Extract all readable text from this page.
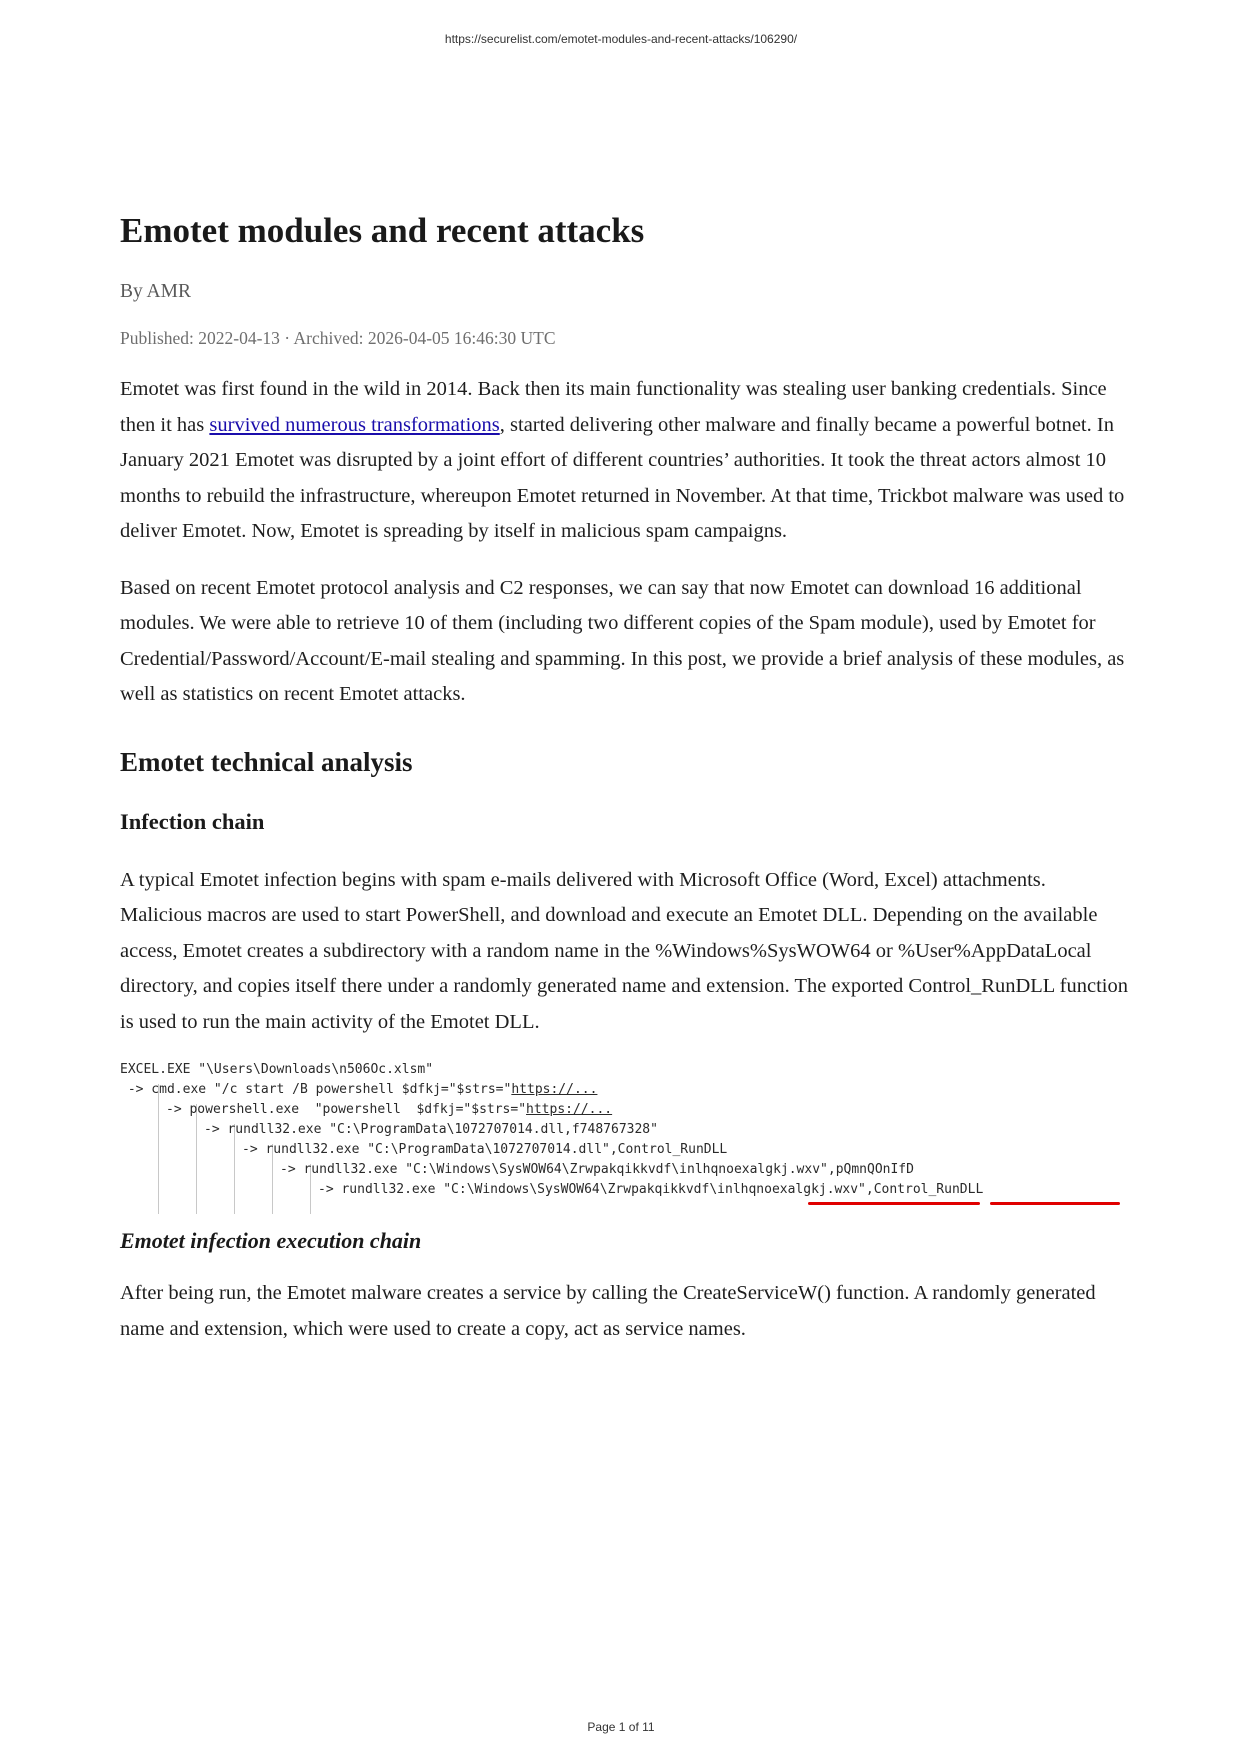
https://securelist.com/emotet-modules-and-recent-attacks/106290/
Emotet modules and recent attacks
By AMR
Published: 2022-04-13 · Archived: 2026-04-05 16:46:30 UTC

Emotet was first found in the wild in 2014. Back then its main functionality was stealing user banking credentials. Since then it has survived numerous transformations, started delivering other malware and finally became a powerful botnet. In January 2021 Emotet was disrupted by a joint effort of different countries’ authorities. It took the threat actors almost 10 months to rebuild the infrastructure, whereupon Emotet returned in November. At that time, Trickbot malware was used to deliver Emotet. Now, Emotet is spreading by itself in malicious spam campaigns.

Based on recent Emotet protocol analysis and C2 responses, we can say that now Emotet can download 16 additional modules. We were able to retrieve 10 of them (including two different copies of the Spam module), used by Emotet for Credential/Password/Account/E-mail stealing and spamming. In this post, we provide a brief analysis of these modules, as well as statistics on recent Emotet attacks.

Emotet technical analysis
Infection chain

A typical Emotet infection begins with spam e-mails delivered with Microsoft Office (Word, Excel) attachments. Malicious macros are used to start PowerShell, and download and execute an Emotet DLL. Depending on the available access, Emotet creates a subdirectory with a random name in the %Windows%SysWOW64 or %User%AppDataLocal directory, and copies itself there under a randomly generated name and extension. The exported Control_RunDLL function is used to run the main activity of the Emotet DLL.

EXCEL.EXE "\Users\Downloads\n506Oc.xlsm"
-> cmd.exe "/c start /B powershell $dfkj="$strs="https://...
-> powershell.exe  "powershell  $dfkj="$strs="https://...
-> rundll32.exe "C:\ProgramData\1072707014.dll,f748767328"
-> rundll32.exe "C:\ProgramData\1072707014.dll",Control_RunDLL
-> rundll32.exe "C:\Windows\SysWOW64\Zrwpakqikkvdf\inlhqnoexalgkj.wxv",pQmnQOnIfD
-> rundll32.exe "C:\Windows\SysWOW64\Zrwpakqikkvdf\inlhqnoexalgkj.wxv",Control_RunDLL
Emotet infection execution chain

After being run, the Emotet malware creates a service by calling the CreateServiceW() function. A randomly generated name and extension, which were used to create a copy, act as service names.

Page 1 of 11
